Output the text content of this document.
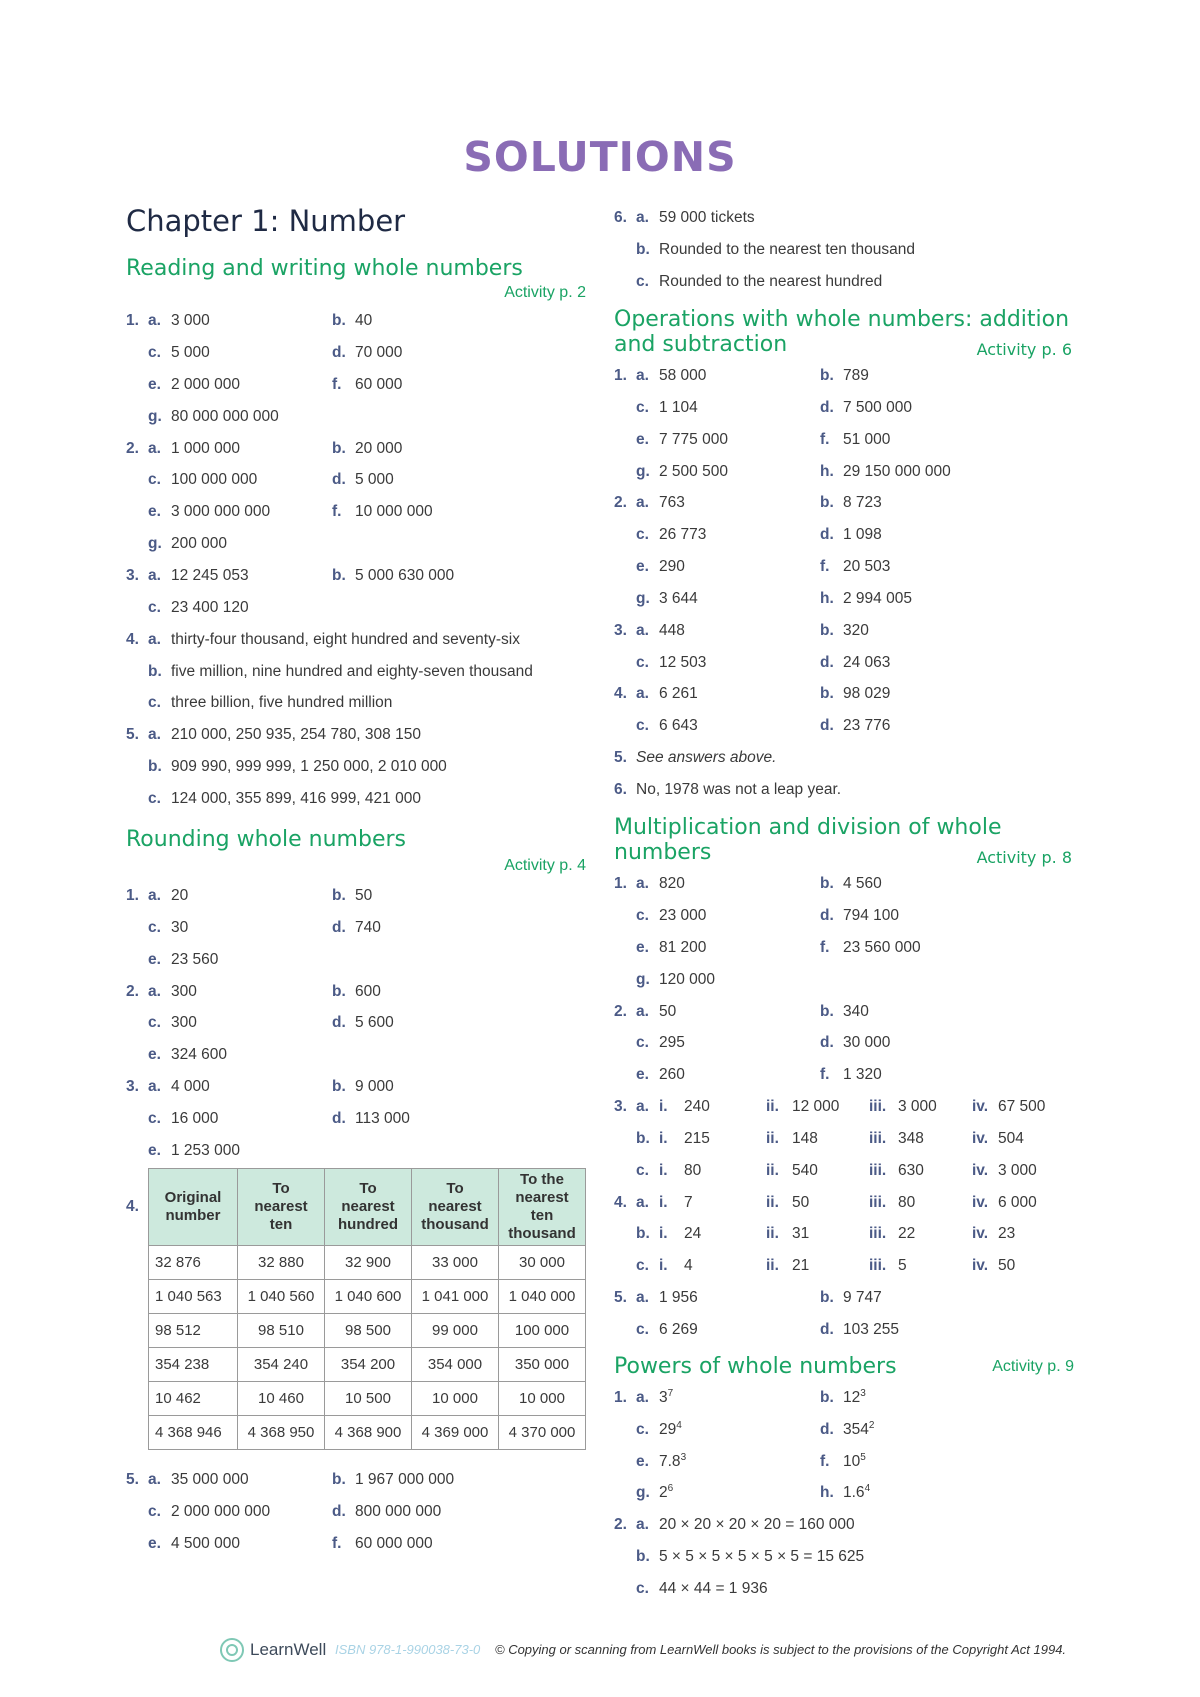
SOLUTIONS
Chapter 1: Number
Reading and writing whole numbers
Activity p. 2
1. a. 3 000	b. 40
c. 5 000	d. 70 000
e. 2 000 000	f. 60 000
g. 80 000 000 000
2. a. 1 000 000	b. 20 000
c. 100 000 000	d. 5 000
e. 3 000 000 000	f. 10 000 000
g. 200 000
3. a. 12 245 053	b. 5 000 630 000
c. 23 400 120
4. a. thirty-four thousand, eight hundred and seventy-six
b. five million, nine hundred and eighty-seven thousand
c. three billion, five hundred million
5. a. 210 000, 250 935, 254 780, 308 150
b. 909 990, 999 999, 1 250 000, 2 010 000
c. 124 000, 355 899, 416 999, 421 000
Rounding whole numbers
Activity p. 4
1. a. 20	b. 50
c. 30	d. 740
e. 23 560
2. a. 300	b. 600
c. 300	d. 5 600
e. 324 600
3. a. 4 000	b. 9 000
c. 16 000	d. 113 000
e. 1 253 000
4.
Original number	To nearest ten	To nearest hundred	To nearest thousand	To the nearest ten thousand
32 876	32 880	32 900	33 000	30 000
1 040 563	1 040 560	1 040 600	1 041 000	1 040 000
98 512	98 510	98 500	99 000	100 000
354 238	354 240	354 200	354 000	350 000
10 462	10 460	10 500	10 000	10 000
4 368 946	4 368 950	4 368 900	4 369 000	4 370 000
5. a. 35 000 000	b. 1 967 000 000
c. 2 000 000 000	d. 800 000 000
e. 4 500 000	f. 60 000 000
6. a. 59 000 tickets
b. Rounded to the nearest ten thousand
c. Rounded to the nearest hundred
Operations with whole numbers: addition
and subtraction	Activity p. 6
1. a. 58 000	b. 789
c. 1 104	d. 7 500 000
e. 7 775 000	f. 51 000
g. 2 500 500	h. 29 150 000 000
2. a. 763	b. 8 723
c. 26 773	d. 1 098
e. 290	f. 20 503
g. 3 644	h. 2 994 005
3. a. 448	b. 320
c. 12 503	d. 24 063
4. a. 6 261	b. 98 029
c. 6 643	d. 23 776
5. See answers above.
6. No, 1978 was not a leap year.
Multiplication and division of whole
numbers	Activity p. 8
1. a. 820	b. 4 560
c. 23 000	d. 794 100
e. 81 200	f. 23 560 000
g. 120 000
2. a. 50	b. 340
c. 295	d. 30 000
e. 260	f. 1 320
3. a. i. 240	ii. 12 000 iii. 3 000 iv. 67 500
b. i. 215	ii. 148	iii. 348	iv. 504
c. i. 80	ii. 540	iii. 630	iv. 3 000
4. a. i. 7	ii. 50	iii. 80	iv. 6 000
b. i. 24	ii. 31	iii. 22	iv. 23
c. i. 4	ii. 21	iii. 5	iv. 50
5. a. 1 956	b. 9 747
c. 6 269	d. 103 255
Powers of whole numbers	Activity p. 9
1. a. $3^7$	b. $12^3$
c. $29^4$	d. $354^2$
e. $7.8^3$	f. $10^5$
g. $2^6$	h. $1.6^4$
2. a. 20 × 20 × 20 × 20 = 160 000
b. 5 × 5 × 5 × 5 × 5 × 5 = 15 625
c. 44 × 44 = 1 936
LearnWell ISBN 978-1-990038-73-0 © Copying or scanning from LearnWell books is subject to the provisions of the Copyright Act 1994.
